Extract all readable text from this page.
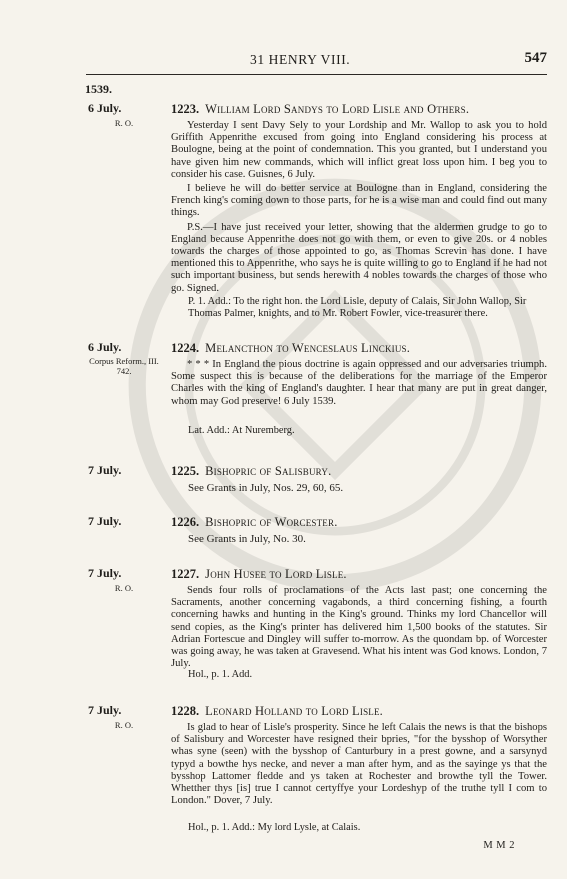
31 HENRY VIII.	547
1539.
6 July.
R. O.
1223. William Lord Sandys to Lord Lisle and Others.

Yesterday I sent Davy Sely to your Lordship and Mr. Wallop to ask you to hold Griffith Appenrithe excused from going into England considering his process at Boulogne, being at the point of condemnation. This you granted, but I understand you have given him new commands, which will inflict great loss upon him. I beg you to consider his case. Guisnes, 6 July.

I believe he will do better service at Boulogne than in England, considering the French king's coming down to those parts, for he is a wise man and could find out many things.

P.S.—I have just received your letter, showing that the aldermen grudge to go to England because Appenrithe does not go with them, or even to give 20s. or 4 nobles towards the charges of those appointed to go, as Thomas Screvin has done. I have mentioned this to Appenrithe, who says he is quite willing to go to England if he had not such important business, but sends herewith 4 nobles towards the charges of those who go. Signed.

P. 1. Add.: To the right hon. the Lord Lisle, deputy of Calais, Sir John Wallop, Sir Thomas Palmer, knights, and to Mr. Robert Fowler, vice-treasurer there.
6 July.
Corpus Reform., III. 742.
1224. Melancthon to Wenceslaus Linckius.

* * * In England the pious doctrine is again oppressed and our adversaries triumph. Some suspect this is because of the deliberations for the marriage of the Emperor Charles with the king of England's daughter. I hear that many are put in great danger, whom may God preserve! 6 July 1539.

Lat. Add.: At Nuremberg.
7 July.	1225. Bishopric of Salisbury.
See Grants in July, Nos. 29, 60, 65.
7 July.	1226. Bishopric of Worcester.
See Grants in July, No. 30.
7 July.
R. O.
1227. John Husee to Lord Lisle.

Sends four rolls of proclamations of the Acts last past; one concerning the Sacraments, another concerning vagabonds, a third concerning fishing, a fourth concerning hawks and hunting in the King's ground. Thinks my lord Chancellor will send copies, as the King's printer has delivered him 1,500 books of the statutes. Sir Adrian Fortescue and Dingley will suffer to-morrow. As the quondam bp. of Worcester was going away, he was taken at Gravesend. What his intent was God knows. London, 7 July.

Hol., p. 1. Add.
7 July.
R. O.
1228. Leonard Holland to Lord Lisle.

Is glad to hear of Lisle's prosperity. Since he left Calais the news is that the bishops of Salisbury and Worcester have resigned their bpries, "for the bysshop of Worsyther whas syne (seen) with the bysshop of Canturbury in a prest gowne, and a sarsynyd typyd a bowthe hys necke, and never a man after hym, and as the sayinge ys that the bysshop Lattomer fledde and ys taken at Rochester and browthe tyll the Tower. Whetther thys [is] true I cannot certyffye your Lordeshyp of the truthe tyll I com to London." Dover, 7 July.

Hol., p. 1. Add.: My lord Lysle, at Calais.
M M 2
